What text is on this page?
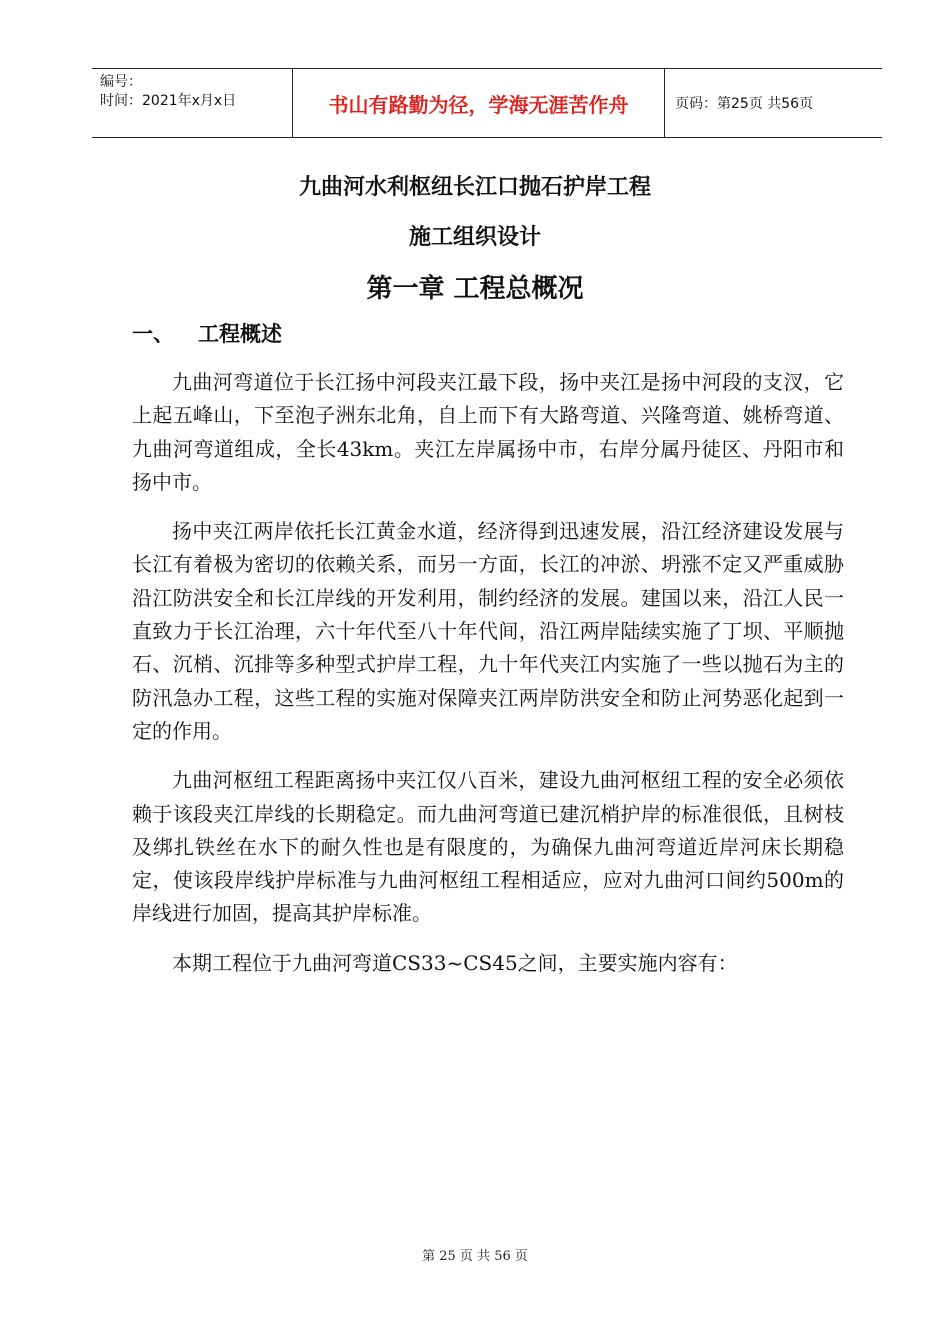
编号：
时间：2021年x月x日	书山有路勤为径，学海无涯苦作舟	页码：第25页 共56页
九曲河水利枢纽长江口抛石护岸工程
施工组织设计
第一章 工程总概况
一、 工程概述

九曲河弯道位于长江扬中河段夹江最下段，扬中夹江是扬中河段的支汊，它上起五峰山，下至泡子洲东北角，自上而下有大路弯道、兴隆弯道、姚桥弯道、九曲河弯道组成，全长43km。夹江左岸属扬中市，右岸分属丹徒区、丹阳市和扬中市。

扬中夹江两岸依托长江黄金水道，经济得到迅速发展，沿江经济建设发展与长江有着极为密切的依赖关系，而另一方面，长江的冲淤、坍涨不定又严重威胁沿江防洪安全和长江岸线的开发利用，制约经济的发展。建国以来，沿江人民一直致力于长江治理，六十年代至八十年代间，沿江两岸陆续实施了丁坝、平顺抛石、沉梢、沉排等多种型式护岸工程，九十年代夹江内实施了一些以抛石为主的防汛急办工程，这些工程的实施对保障夹江两岸防洪安全和防止河势恶化起到一定的作用。

九曲河枢纽工程距离扬中夹江仅八百米，建设九曲河枢纽工程的安全必须依赖于该段夹江岸线的长期稳定。而九曲河弯道已建沉梢护岸的标准很低，且树枝及绑扎铁丝在水下的耐久性也是有限度的，为确保九曲河弯道近岸河床长期稳定，使该段岸线护岸标准与九曲河枢纽工程相适应，应对九曲河口间约500m的岸线进行加固，提高其护岸标准。

本期工程位于九曲河弯道CS33~CS45之间，主要实施内容有：

第 25 页 共 56 页
